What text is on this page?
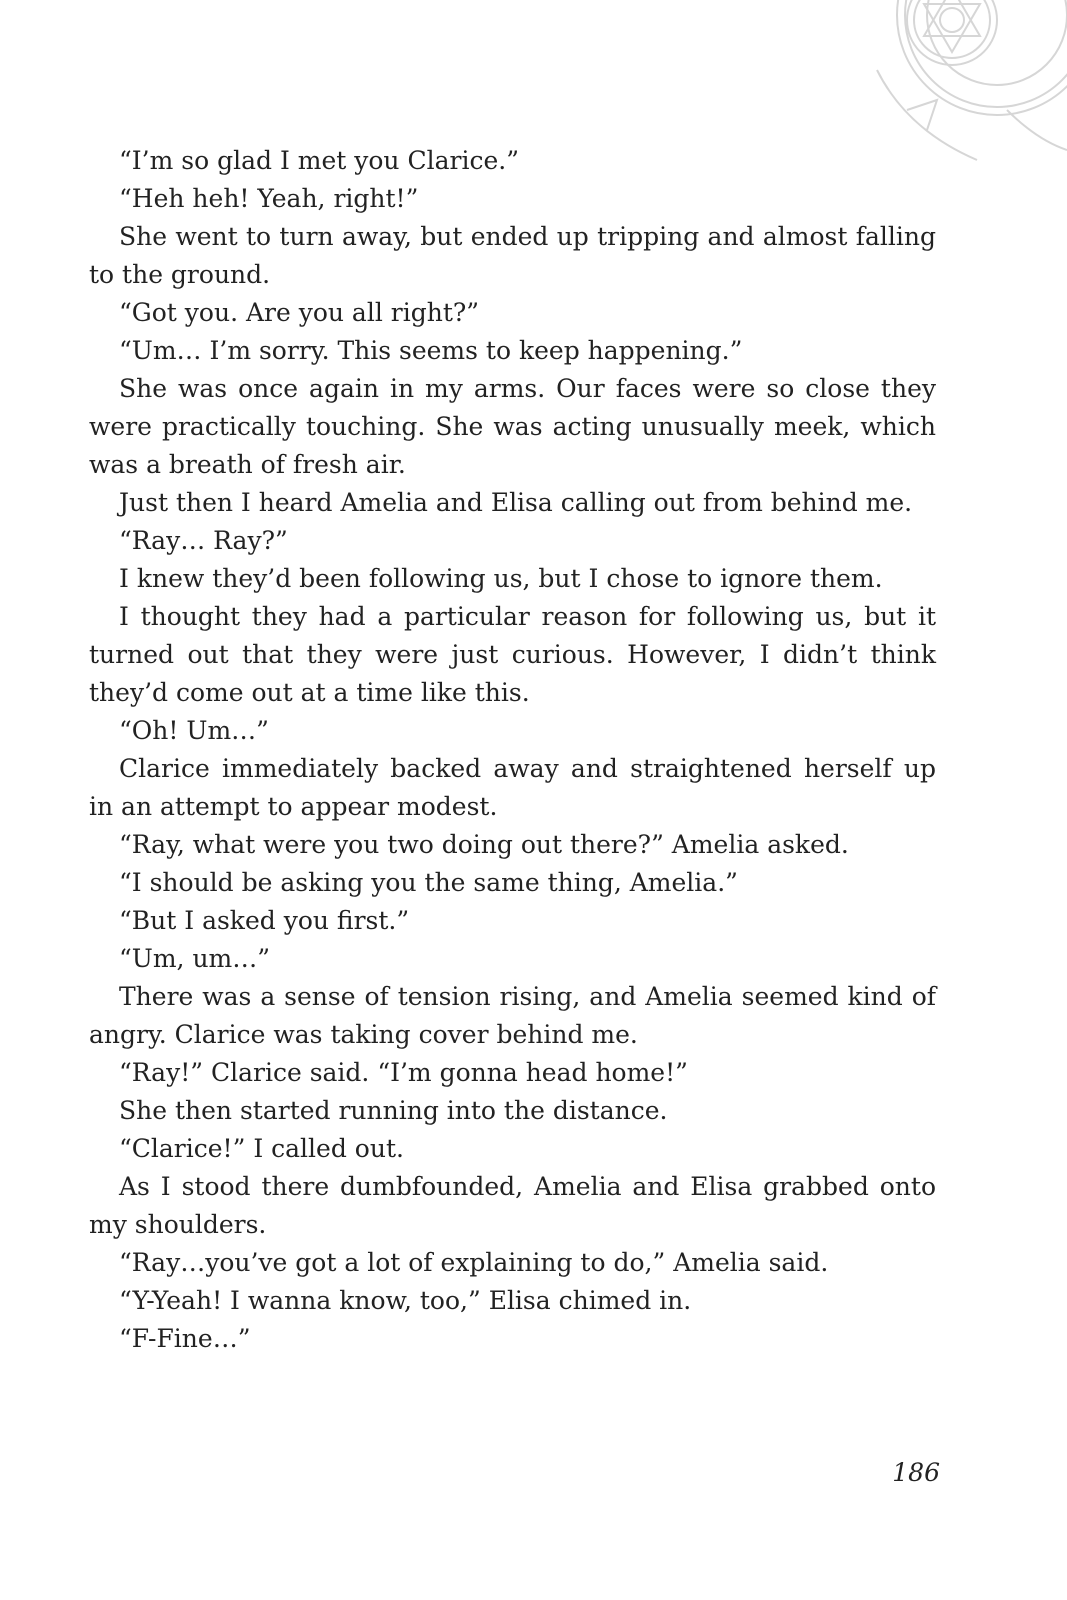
“I’m so glad I met you Clarice.”

“Heh heh! Yeah, right!”

She went to turn away, but ended up tripping and almost falling to the ground.

“Got you. Are you all right?”

“Um… I’m sorry. This seems to keep happening.”

She was once again in my arms. Our faces were so close they were practically touching. She was acting unusually meek, which was a breath of fresh air.

Just then I heard Amelia and Elisa calling out from behind me.

“Ray… Ray?”

I knew they’d been following us, but I chose to ignore them.

I thought they had a particular reason for following us, but it turned out that they were just curious. However, I didn’t think they’d come out at a time like this.

“Oh! Um…”

Clarice immediately backed away and straightened herself up in an attempt to appear modest.

“Ray, what were you two doing out there?” Amelia asked.

“I should be asking you the same thing, Amelia.”

“But I asked you first.”

“Um, um…”

There was a sense of tension rising, and Amelia seemed kind of angry. Clarice was taking cover behind me.

“Ray!” Clarice said. “I’m gonna head home!”

She then started running into the distance.

“Clarice!” I called out.

As I stood there dumbfounded, Amelia and Elisa grabbed onto my shoulders.

“Ray…you’ve got a lot of explaining to do,” Amelia said.

“Y-Yeah! I wanna know, too,” Elisa chimed in.

“F-Fine…”

186
